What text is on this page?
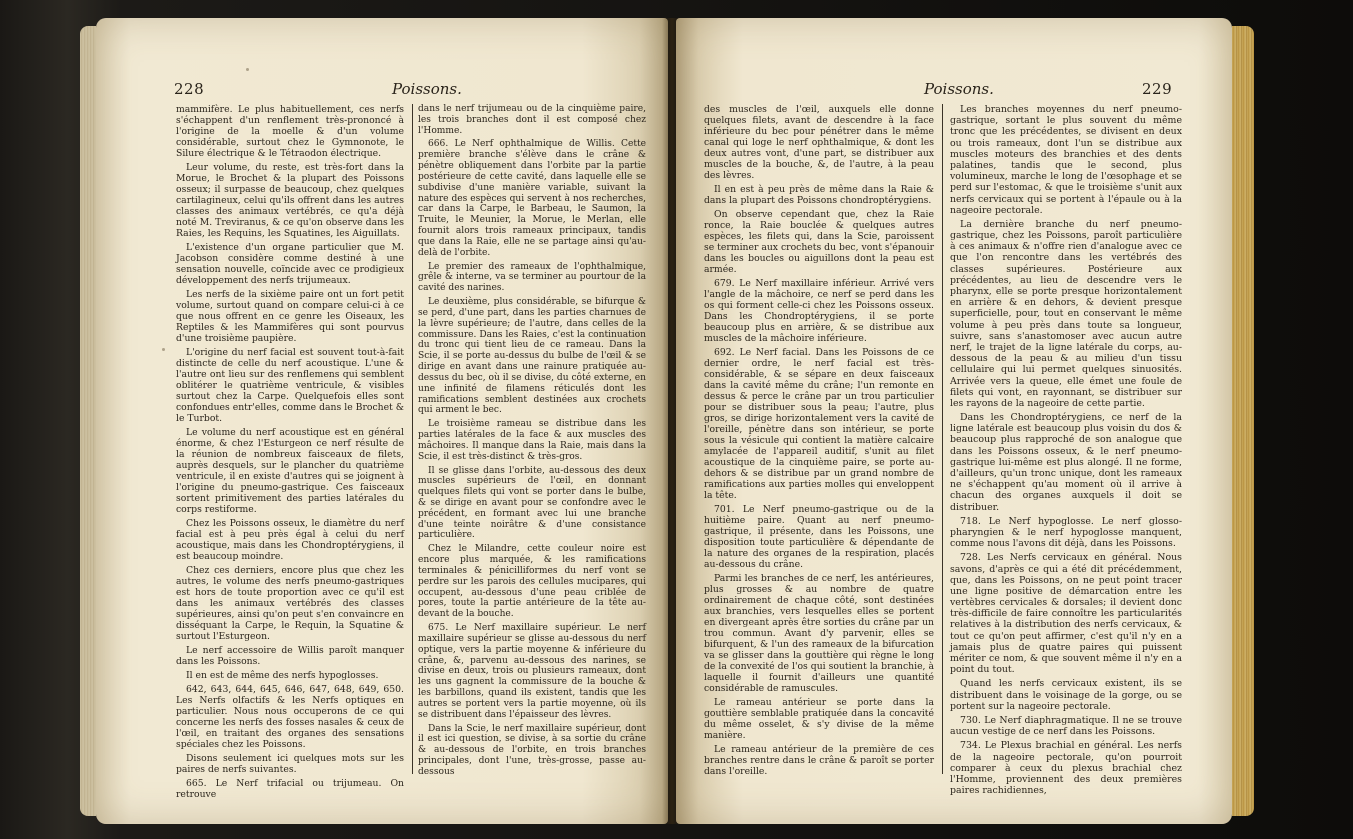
228	Poissons.

mammifère. Le plus habituellement, ces nerfs s'échappent d'un renflement très-prononcé à l'origine de la moelle & d'un volume considérable, surtout chez le Gymnonote, le Silure électrique & le Tétraodon électrique.

Leur volume, du reste, est très-fort dans la Morue, le Brochet & la plupart des Poissons osseux; il surpasse de beaucoup, chez quelques cartilagineux, celui qu'ils offrent dans les autres classes des animaux vertébrés, ce qu'a déjà noté M. Treviranus, & ce qu'on observe dans les Raies, les Requins, les Squatines, les Aiguillats.

L'existence d'un organe particulier que M. Jacobson considère comme destiné à une sensation nouvelle, coïncide avec ce prodigieux développement des nerfs trijumeaux.

Les nerfs de la sixième paire ont un fort petit volume, surtout quand on compare celui-ci à ce que nous offrent en ce genre les Oiseaux, les Reptiles & les Mammifères qui sont pourvus d'une troisième paupière.

L'origine du nerf facial est souvent tout-à-fait distincte de celle du nerf acoustique. L'une & l'autre ont lieu sur des renflemens qui semblent oblitérer le quatrième ventricule, & visibles surtout chez la Carpe. Quelquefois elles sont confondues entr'elles, comme dans le Brochet & le Turbot.

Le volume du nerf acoustique est en général énorme, & chez l'Esturgeon ce nerf résulte de la réunion de nombreux faisceaux de filets, auprès desquels, sur le plancher du quatrième ventricule, il en existe d'autres qui se joignent à l'origine du pneumo-gastrique. Ces faisceaux sortent primitivement des parties latérales du corps restiforme.

Chez les Poissons osseux, le diamètre du nerf facial est à peu près égal à celui du nerf acoustique, mais dans les Chondroptérygiens, il est beaucoup moindre.

Chez ces derniers, encore plus que chez les autres, le volume des nerfs pneumo-gastriques est hors de toute proportion avec ce qu'il est dans les animaux vertébrés des classes supérieures, ainsi qu'on peut s'en convaincre en disséquant la Carpe, le Requin, la Squatine & surtout l'Esturgeon.

Le nerf accessoire de Willis paroît manquer dans les Poissons.

Il en est de même des nerfs hypoglosses.

642, 643, 644, 645, 646, 647, 648, 649, 650. Les Nerfs olfactifs & les Nerfs optiques en particulier. Nous nous occuperons de ce qui concerne les nerfs des fosses nasales & ceux de l'œil, en traitant des organes des sensations spéciales chez les Poissons.

Disons seulement ici quelques mots sur les paires de nerfs suivantes.

665. Le Nerf trifacial ou trijumeau. On retrouve

dans le nerf trijumeau ou de la cinquième paire, les trois branches dont il est composé chez l'Homme.

666. Le Nerf ophthalmique de Willis. Cette première branche s'élève dans le crâne & pénètre obliquement dans l'orbite par la partie postérieure de cette cavité, dans laquelle elle se subdivise d'une manière variable, suivant la nature des espèces qui servent à nos recherches, car dans la Carpe, le Barbeau, le Saumon, la Truite, le Meunier, la Morue, le Merlan, elle fournit alors trois rameaux principaux, tandis que dans la Raie, elle ne se partage ainsi qu'au-delà de l'orbite.

Le premier des rameaux de l'ophthalmique, grêle & interne, va se terminer au pourtour de la cavité des narines.

Le deuxième, plus considérable, se bifurque & se perd, d'une part, dans les parties charnues de la lèvre supérieure; de l'autre, dans celles de la commissure. Dans les Raies, c'est la continuation du tronc qui tient lieu de ce rameau. Dans la Scie, il se porte au-dessus du bulbe de l'œil & se dirige en avant dans une rainure pratiquée au-dessus du bec, où il se divise, du côté externe, en une infinité de filamens réticulés dont les ramifications semblent destinées aux crochets qui arment le bec.

Le troisième rameau se distribue dans les parties latérales de la face & aux muscles des mâchoires. Il manque dans la Raie, mais dans la Scie, il est très-distinct & très-gros.

Il se glisse dans l'orbite, au-dessous des deux muscles supérieurs de l'œil, en donnant quelques filets qui vont se porter dans le bulbe, & se dirige en avant pour se confondre avec le précédent, en formant avec lui une branche d'une teinte noirâtre & d'une consistance particulière.

Chez le Milandre, cette couleur noire est encore plus marquée, & les ramifications terminales & pénicilliformes du nerf vont se perdre sur les parois des cellules mucipares, qui occupent, au-dessous d'une peau criblée de pores, toute la partie antérieure de la tête au-devant de la bouche.

675. Le Nerf maxillaire supérieur. Le nerf maxillaire supérieur se glisse au-dessous du nerf optique, vers la partie moyenne & inférieure du crâne, &, parvenu au-dessous des narines, se divise en deux, trois ou plusieurs rameaux, dont les uns gagnent la commissure de la bouche & les barbillons, quand ils existent, tandis que les autres se portent vers la partie moyenne, où ils se distribuent dans l'épaisseur des lèvres.

Dans la Scie, le nerf maxillaire supérieur, dont il est ici question, se divise, à sa sortie du crâne & au-dessous de l'orbite, en trois branches principales, dont l'une, très-grosse, passe au-dessous

Poissons.	229

des muscles de l'œil, auxquels elle donne quelques filets, avant de descendre à la face inférieure du bec pour pénétrer dans le même canal qui loge le nerf ophthalmique, & dont les deux autres vont, d'une part, se distribuer aux muscles de la bouche, &, de l'autre, à la peau des lèvres.

Il en est à peu près de même dans la Raie & dans la plupart des Poissons chondroptérygiens.

On observe cependant que, chez la Raie ronce, la Raie bouclée & quelques autres espèces, les filets qui, dans la Scie, paroissent se terminer aux crochets du bec, vont s'épanouir dans les boucles ou aiguillons dont la peau est armée.

679. Le Nerf maxillaire inférieur. Arrivé vers l'angle de la mâchoire, ce nerf se perd dans les os qui forment celle-ci chez les Poissons osseux. Dans les Chondroptérygiens, il se porte beaucoup plus en arrière, & se distribue aux muscles de la mâchoire inférieure.

692. Le Nerf facial. Dans les Poissons de ce dernier ordre, le nerf facial est très-considérable, & se sépare en deux faisceaux dans la cavité même du crâne; l'un remonte en dessus & perce le crâne par un trou particulier pour se distribuer sous la peau; l'autre, plus gros, se dirige horizontalement vers la cavité de l'oreille, pénètre dans son intérieur, se porte sous la vésicule qui contient la matière calcaire amylacée de l'appareil auditif, s'unit au filet acoustique de la cinquième paire, se porte au-dehors & se distribue par un grand nombre de ramifications aux parties molles qui enveloppent la tête.

701. Le Nerf pneumo-gastrique ou de la huitième paire. Quant au nerf pneumo-gastrique, il présente, dans les Poissons, une disposition toute particulière & dépendante de la nature des organes de la respiration, placés au-dessous du crâne.

Parmi les branches de ce nerf, les antérieures, plus grosses & au nombre de quatre ordinairement de chaque côté, sont destinées aux branchies, vers lesquelles elles se portent en divergeant après être sorties du crâne par un trou commun. Avant d'y parvenir, elles se bifurquent, & l'un des rameaux de la bifurcation va se glisser dans la gouttière qui règne le long de la convexité de l'os qui soutient la branchie, à laquelle il fournit d'ailleurs une quantité considérable de ramuscules.

Le rameau antérieur se porte dans la gouttière semblable pratiquée dans la concavité du même osselet, & s'y divise de la même manière.

Le rameau antérieur de la première de ces branches rentre dans le crâne & paroît se porter dans l'oreille.

Les branches moyennes du nerf pneumo-gastrique, sortant le plus souvent du même tronc que les précédentes, se divisent en deux ou trois rameaux, dont l'un se distribue aux muscles moteurs des branchies et des dents palatines, tandis que le second, plus volumineux, marche le long de l'œsophage et se perd sur l'estomac, & que le troisième s'unit aux nerfs cervicaux qui se portent à l'épaule ou à la nageoire pectorale.

La dernière branche du nerf pneumo-gastrique, chez les Poissons, paroît particulière à ces animaux & n'offre rien d'analogue avec ce que l'on rencontre dans les vertébrés des classes supérieures. Postérieure aux précédentes, au lieu de descendre vers le pharynx, elle se porte presque horizontalement en arrière & en dehors, & devient presque superficielle, pour, tout en conservant le même volume à peu près dans toute sa longueur, suivre, sans s'anastomoser avec aucun autre nerf, le trajet de la ligne latérale du corps, au-dessous de la peau & au milieu d'un tissu cellulaire qui lui permet quelques sinuosités. Arrivée vers la queue, elle émet une foule de filets qui vont, en rayonnant, se distribuer sur les rayons de la nageoire de cette partie.

Dans les Chondroptérygiens, ce nerf de la ligne latérale est beaucoup plus voisin du dos & beaucoup plus rapproché de son analogue que dans les Poissons osseux, & le nerf pneumo-gastrique lui-même est plus alongé. Il ne forme, d'ailleurs, qu'un tronc unique, dont les rameaux ne s'échappent qu'au moment où il arrive à chacun des organes auxquels il doit se distribuer.

718. Le Nerf hypoglosse. Le nerf glosso-pharyngien & le nerf hypoglosse manquent, comme nous l'avons dit déjà, dans les Poissons.

728. Les Nerfs cervicaux en général. Nous savons, d'après ce qui a été dit précédemment, que, dans les Poissons, on ne peut point tracer une ligne positive de démarcation entre les vertèbres cervicales & dorsales; il devient donc très-difficile de faire connoître les particularités relatives à la distribution des nerfs cervicaux, & tout ce qu'on peut affirmer, c'est qu'il n'y en a jamais plus de quatre paires qui puissent mériter ce nom, & que souvent même il n'y en a point du tout.

Quand les nerfs cervicaux existent, ils se distribuent dans le voisinage de la gorge, ou se portent sur la nageoire pectorale.

730. Le Nerf diaphragmatique. Il ne se trouve aucun vestige de ce nerf dans les Poissons.

734. Le Plexus brachial en général. Les nerfs de la nageoire pectorale, qu'on pourroit comparer à ceux du plexus brachial chez l'Homme, proviennent des deux premières paires rachidiennes,
